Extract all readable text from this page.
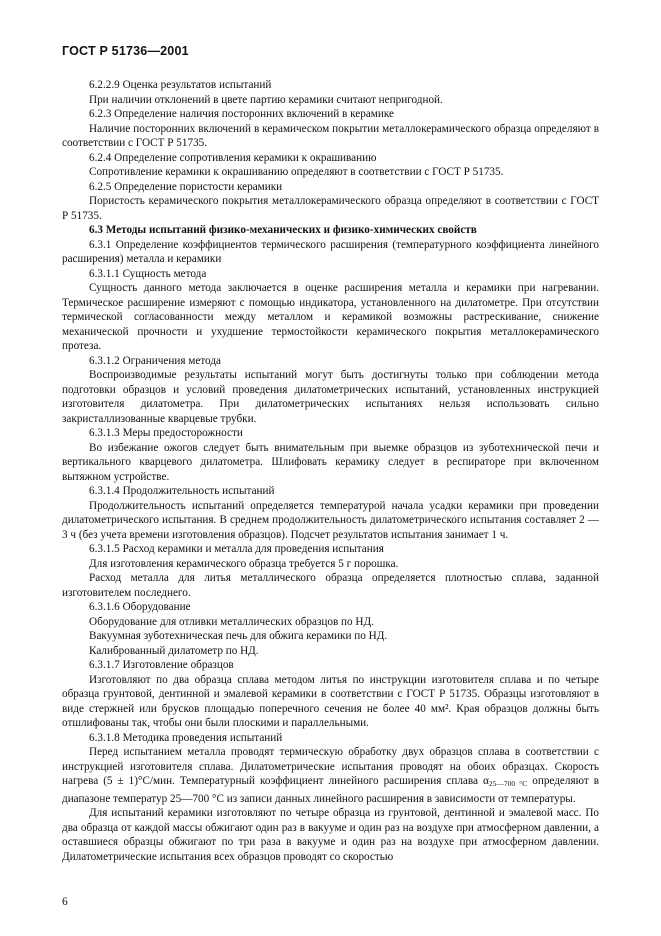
ГОСТ Р 51736—2001

6.2.2.9 Оценка результатов испытаний

При наличии отклонений в цвете партию керамики считают непригодной.

6.2.3 Определение наличия посторонних включений в керамике

Наличие посторонних включений в керамическом покрытии металлокерамического образца определяют в соответствии с ГОСТ Р 51735.

6.2.4 Определение сопротивления керамики к окрашиванию

Сопротивление керамики к окрашиванию определяют в соответствии с ГОСТ Р 51735.

6.2.5 Определение пористости керамики

Пористость керамического покрытия металлокерамического образца определяют в соответствии с ГОСТ Р 51735.

6.3 Методы испытаний физико-механических и физико-химических свойств

6.3.1 Определение коэффициентов термического расширения (температурного коэффициента линейного расширения) металла и керамики

6.3.1.1 Сущность метода

Сущность данного метода заключается в оценке расширения металла и керамики при нагревании. Термическое расширение измеряют с помощью индикатора, установленного на дилатометре. При отсутствии термической согласованности между металлом и керамикой возможны растрескивание, снижение механической прочности и ухудшение термостойкости керамического покрытия металлокерамического протеза.

6.3.1.2 Ограничения метода

Воспроизводимые результаты испытаний могут быть достигнуты только при соблюдении метода подготовки образцов и условий проведения дилатометрических испытаний, установленных инструкцией изготовителя дилатометра. При дилатометрических испытаниях нельзя использовать сильно закристаллизованные кварцевые трубки.

6.3.1.3 Меры предосторожности

Во избежание ожогов следует быть внимательным при выемке образцов из зуботехнической печи и вертикального кварцевого дилатометра. Шлифовать керамику следует в респираторе при включенном вытяжном устройстве.

6.3.1.4 Продолжительность испытаний

Продолжительность испытаний определяется температурой начала усадки керамики при проведении дилатометрического испытания. В среднем продолжительность дилатометрического испытания составляет 2 — 3 ч (без учета времени изготовления образцов). Подсчет результатов испытания занимает 1 ч.

6.3.1.5 Расход керамики и металла для проведения испытания

Для изготовления керамического образца требуется 5 г порошка.

Расход металла для литья металлического образца определяется плотностью сплава, заданной изготовителем последнего.

6.3.1.6 Оборудование

Оборудование для отливки металлических образцов по НД.

Вакуумная зуботехническая печь для обжига керамики по НД.

Калиброванный дилатометр по НД.

6.3.1.7 Изготовление образцов

Изготовляют по два образца сплава методом литья по инструкции изготовителя сплава и по четыре образца грунтовой, дентинной и эмалевой керамики в соответствии с ГОСТ Р 51735. Образцы изготовляют в виде стержней или брусков площадью поперечного сечения не более 40 мм². Края образцов должны быть отшлифованы так, чтобы они были плоскими и параллельными.

6.3.1.8 Методика проведения испытаний

Перед испытанием металла проводят термическую обработку двух образцов сплава в соответствии с инструкцией изготовителя сплава. Дилатометрические испытания проводят на обоих образцах. Скорость нагрева (5 ± 1)°С/мин. Температурный коэффициент линейного расширения сплава $\alpha_{25—700 ^\circ С}$ определяют в диапазоне температур 25—700 °С из записи данных линейного расширения в зависимости от температуры.

Для испытаний керамики изготовляют по четыре образца из грунтовой, дентинной и эмалевой масс. По два образца от каждой массы обжигают один раз в вакууме и один раз на воздухе при атмосферном давлении, а оставшиеся образцы обжигают по три раза в вакууме и один раз на воздухе при атмосферном давлении. Дилатометрические испытания всех образцов проводят со скоростью

6
